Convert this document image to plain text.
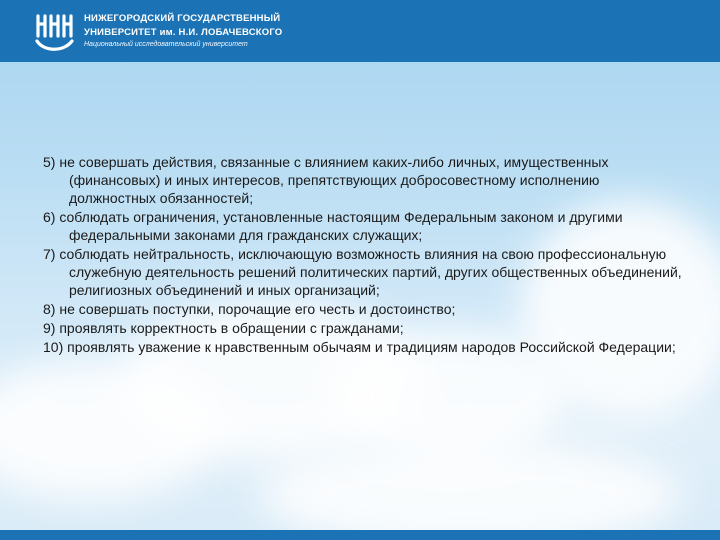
НИЖЕГОРОДСКИЙ ГОСУДАРСТВЕННЫЙ
УНИВЕРСИТЕТ им. Н.И. ЛОБАЧЕВСКОГО
Национальный исследовательский университет

5) не совершать действия, связанные с влиянием каких-либо личных, имущественных (финансовых) и иных интересов, препятствующих добросовестному исполнению должностных обязанностей;

6) соблюдать ограничения, установленные настоящим Федеральным законом и другими федеральными законами для гражданских служащих;

7) соблюдать нейтральность, исключающую возможность влияния на свою профессиональную служебную деятельность решений политических партий, других общественных объединений, религиозных объединений и иных организаций;

8) не совершать поступки, порочащие его честь и достоинство;

9) проявлять корректность в обращении с гражданами;

10) проявлять уважение к нравственным обычаям и традициям народов Российской Федерации;
